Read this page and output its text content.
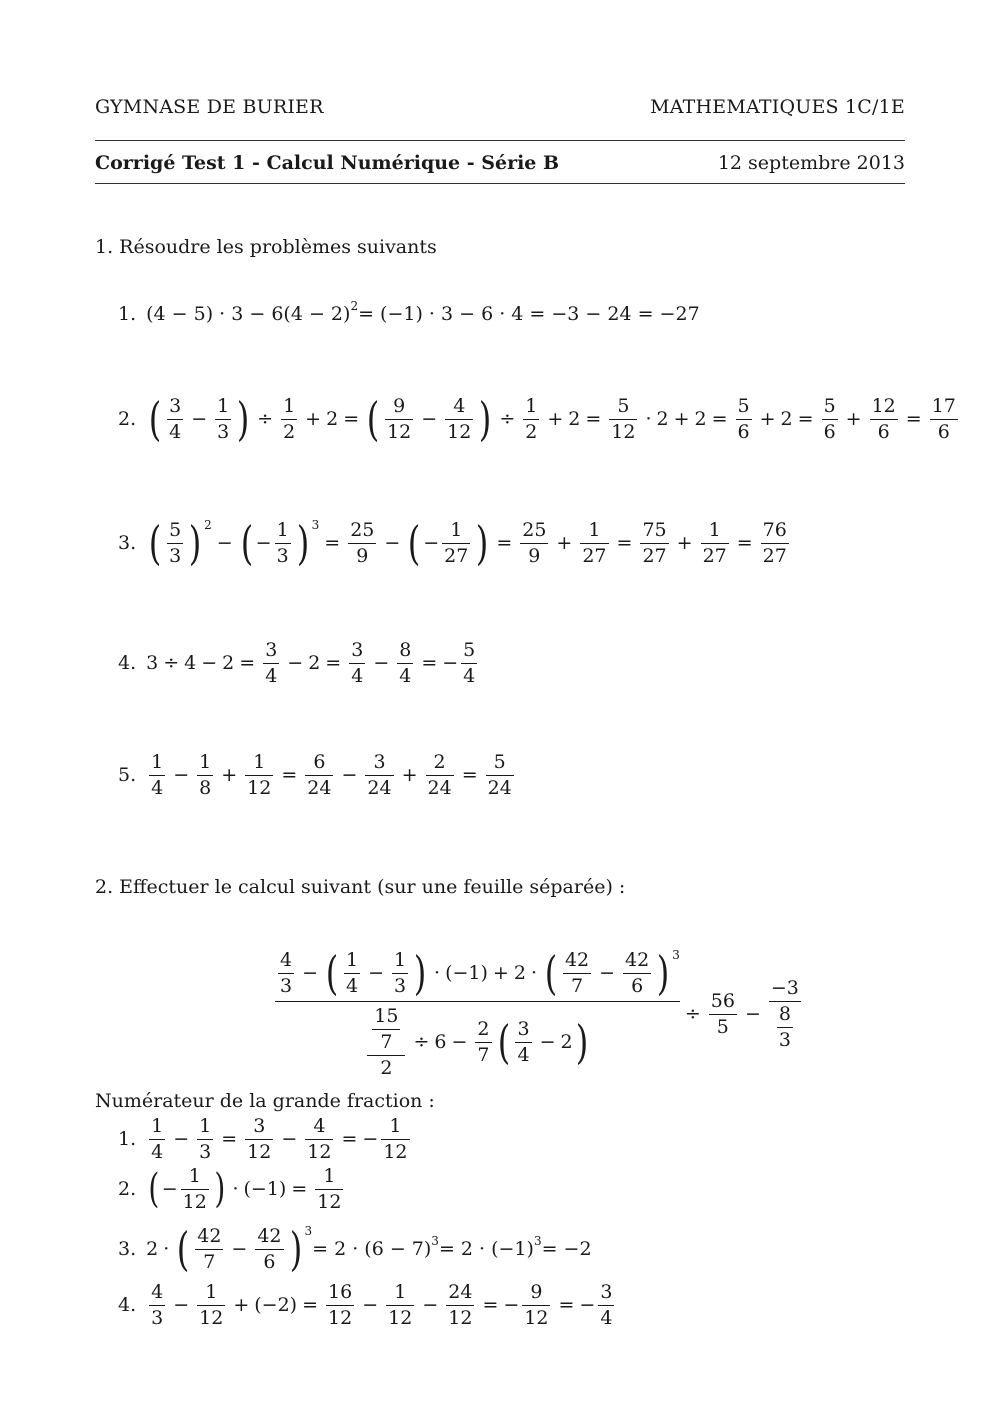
GYMNASE DE BURIER	MATHEMATIQUES 1C/1E
Corrigé Test 1 - Calcul Numérique - Série B	12 septembre 2013
1. Résoudre les problèmes suivants
1. (4 − 5) · 3 − 6(4 − 2) 2 = (−1) · 3 − 6 · 4 = −3 − 24 = −27
2. ( $\frac{3}{4} - \frac{1}{3}$ ) ÷ $\frac{1}{2} + 2$ = ( $\frac{9}{12} - \frac{4}{12}$ ) ÷ $\frac{1}{2} + 2 = \frac{5}{12} \cdot 2 + 2 = \frac{5}{6} + 2 = \frac{5}{6} + \frac{12}{6} = \frac{17}{6}$
3. ( $\frac{5}{3}$ ) 2
− ( − $\frac{1}{3}$ ) 3
= $\frac{25}{9}$ − ( − $\frac{1}{27}$ ) = $\frac{25}{9} + \frac{1}{27} = \frac{75}{27} + \frac{1}{27} = \frac{76}{27}$
4. $3 \div 4 - 2 = \frac{3}{4} - 2 = \frac{3}{4} - \frac{8}{4}$ = − $\frac{5}{4}$
5. $\frac{1}{4} - \frac{1}{8} + \frac{1}{12} = \frac{6}{24} - \frac{3}{24} + \frac{2}{24} = \frac{5}{24}$
2. Effectuer le calcul suivant (sur une feuille séparée) :
$\frac{\frac{4}{3} - ( \frac{1}{4} - \frac{1}{3} ) \cdot (-1) + 2 \cdot ( \frac{42}{7} - \frac{42}{6} ) 3}{\frac{\frac{15}{7}}{2} \div 6 - \frac{2}{7} ( \frac{3}{4} - 2 )} \div \frac{56}{5} - \frac{-3}{\frac{8}{3}}$
Numérateur de la grande fraction :
1. $\frac{1}{4} - \frac{1}{3} = \frac{3}{12} - \frac{4}{12}$ = − $\frac{1}{12}$
2. ( − $\frac{1}{12}$ ) · $(-1) = \frac{1}{12}$
3. 2 · ( $\frac{42}{7} - \frac{42}{6}$ ) 3
= 2 · (6 − 7) 3 = 2 · (−1) 3 = −2
4. $\frac{4}{3} - \frac{1}{12} + (-2) = \frac{16}{12} - \frac{1}{12} - \frac{24}{12}$ = − $\frac{9}{12}$ = − $\frac{3}{4}$
